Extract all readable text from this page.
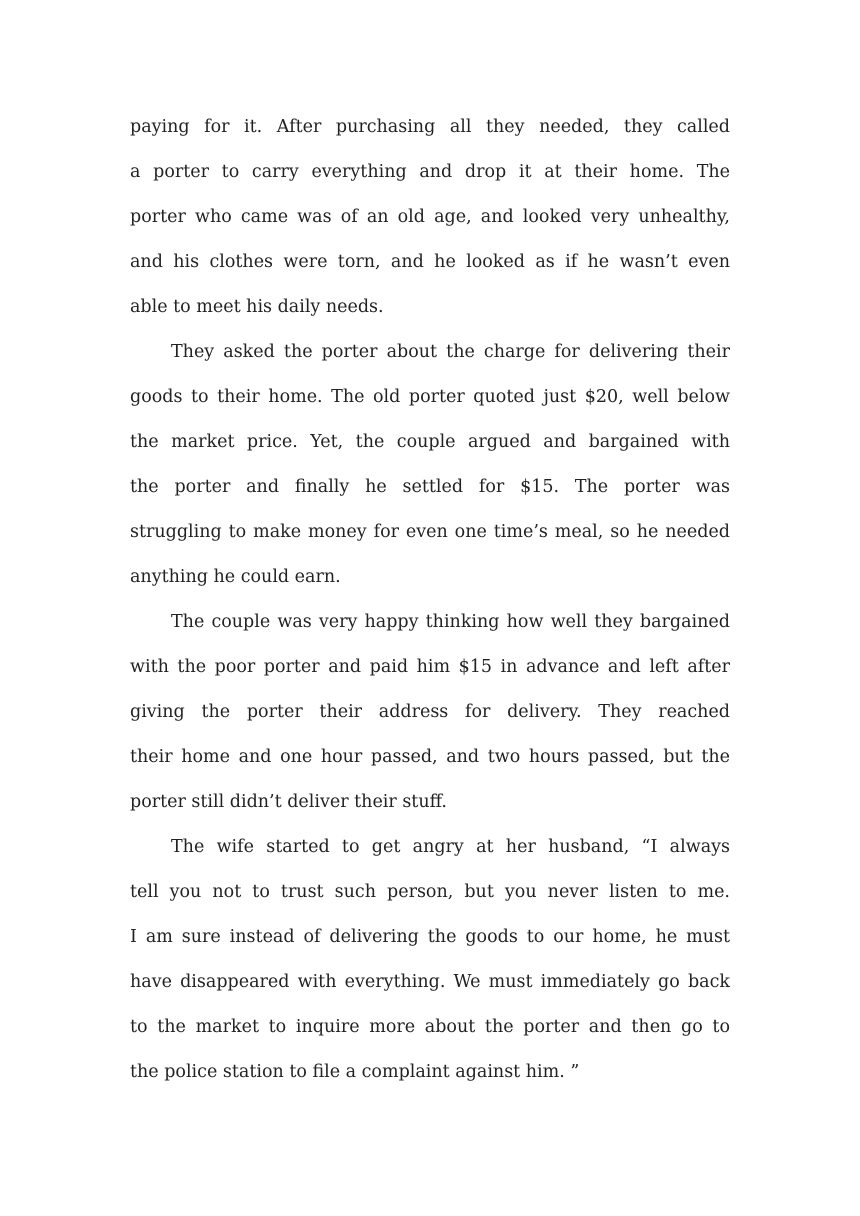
paying for it. After purchasing all they needed, they called
a porter to carry everything and drop it at their home. The
porter who came was of an old age, and looked very unhealthy,
and his clothes were torn, and he looked as if he wasn’t even
able to meet his daily needs.
They asked the porter about the charge for delivering their
goods to their home. The old porter quoted just $20, well below
the market price. Yet, the couple argued and bargained with
the porter and finally he settled for $15. The porter was
struggling to make money for even one time’s meal, so he needed
anything he could earn.
The couple was very happy thinking how well they bargained
with the poor porter and paid him $15 in advance and left after
giving the porter their address for delivery. They reached
their home and one hour passed, and two hours passed, but the
porter still didn’t deliver their stuff.
The wife started to get angry at her husband, “I always
tell you not to trust such person, but you never listen to me.
I am sure instead of delivering the goods to our home, he must
have disappeared with everything. We must immediately go back
to the market to inquire more about the porter and then go to
the police station to file a complaint against him. ”
